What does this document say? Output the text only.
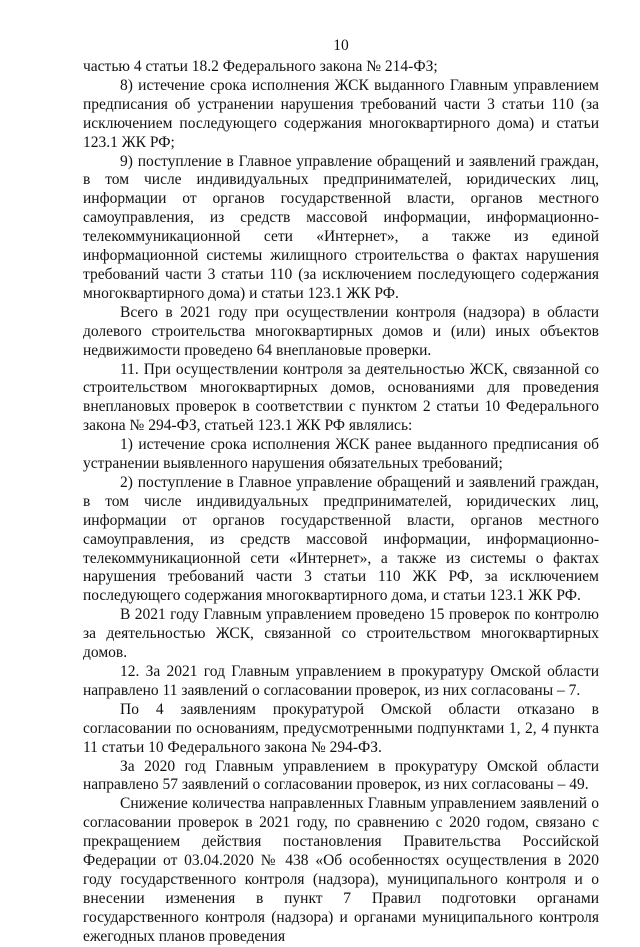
10

частью 4 статьи 18.2 Федерального закона № 214-ФЗ;

8) истечение срока исполнения ЖСК выданного Главным управлением предписания об устранении нарушения требований части 3 статьи 110 (за исключением последующего содержания многоквартирного дома) и статьи 123.1 ЖК РФ;

9) поступление в Главное управление обращений и заявлений граждан, в том числе индивидуальных предпринимателей, юридических лиц, информации от органов государственной власти, органов местного самоуправления, из средств массовой информации, информационно-телекоммуникационной сети «Интернет», а также из единой информационной системы жилищного строительства о фактах нарушения требований части 3 статьи 110 (за исключением последующего содержания многоквартирного дома) и статьи 123.1 ЖК РФ.

Всего в 2021 году при осуществлении контроля (надзора) в области долевого строительства многоквартирных домов и (или) иных объектов недвижимости проведено 64 внеплановые проверки.

11. При осуществлении контроля за деятельностью ЖСК, связанной со строительством многоквартирных домов, основаниями для проведения внеплановых проверок в соответствии с пунктом 2 статьи 10 Федерального закона № 294-ФЗ, статьей 123.1 ЖК РФ являлись:

1) истечение срока исполнения ЖСК ранее выданного предписания об устранении выявленного нарушения обязательных требований;

2) поступление в Главное управление обращений и заявлений граждан, в том числе индивидуальных предпринимателей, юридических лиц, информации от органов государственной власти, органов местного самоуправления, из средств массовой информации, информационно-телекоммуникационной сети «Интернет», а также из системы о фактах нарушения требований части 3 статьи 110 ЖК РФ, за исключением последующего содержания многоквартирного дома, и статьи 123.1 ЖК РФ.

В 2021 году Главным управлением проведено 15 проверок по контролю за деятельностью ЖСК, связанной со строительством многоквартирных домов.

12. За 2021 год Главным управлением в прокуратуру Омской области направлено 11 заявлений о согласовании проверок, из них согласованы – 7.

По 4 заявлениям прокуратурой Омской области отказано в согласовании по основаниям, предусмотренными подпунктами 1, 2, 4 пункта 11 статьи 10 Федерального закона № 294-ФЗ.

За 2020 год Главным управлением в прокуратуру Омской области направлено 57 заявлений о согласовании проверок, из них согласованы – 49.

Снижение количества направленных Главным управлением заявлений о согласовании проверок в 2021 году, по сравнению с 2020 годом, связано с прекращением действия постановления Правительства Российской Федерации от 03.04.2020 № 438 «Об особенностях осуществления в 2020 году государственного контроля (надзора), муниципального контроля и о внесении изменения в пункт 7 Правил подготовки органами государственного контроля (надзора) и органами муниципального контроля ежегодных планов проведения
